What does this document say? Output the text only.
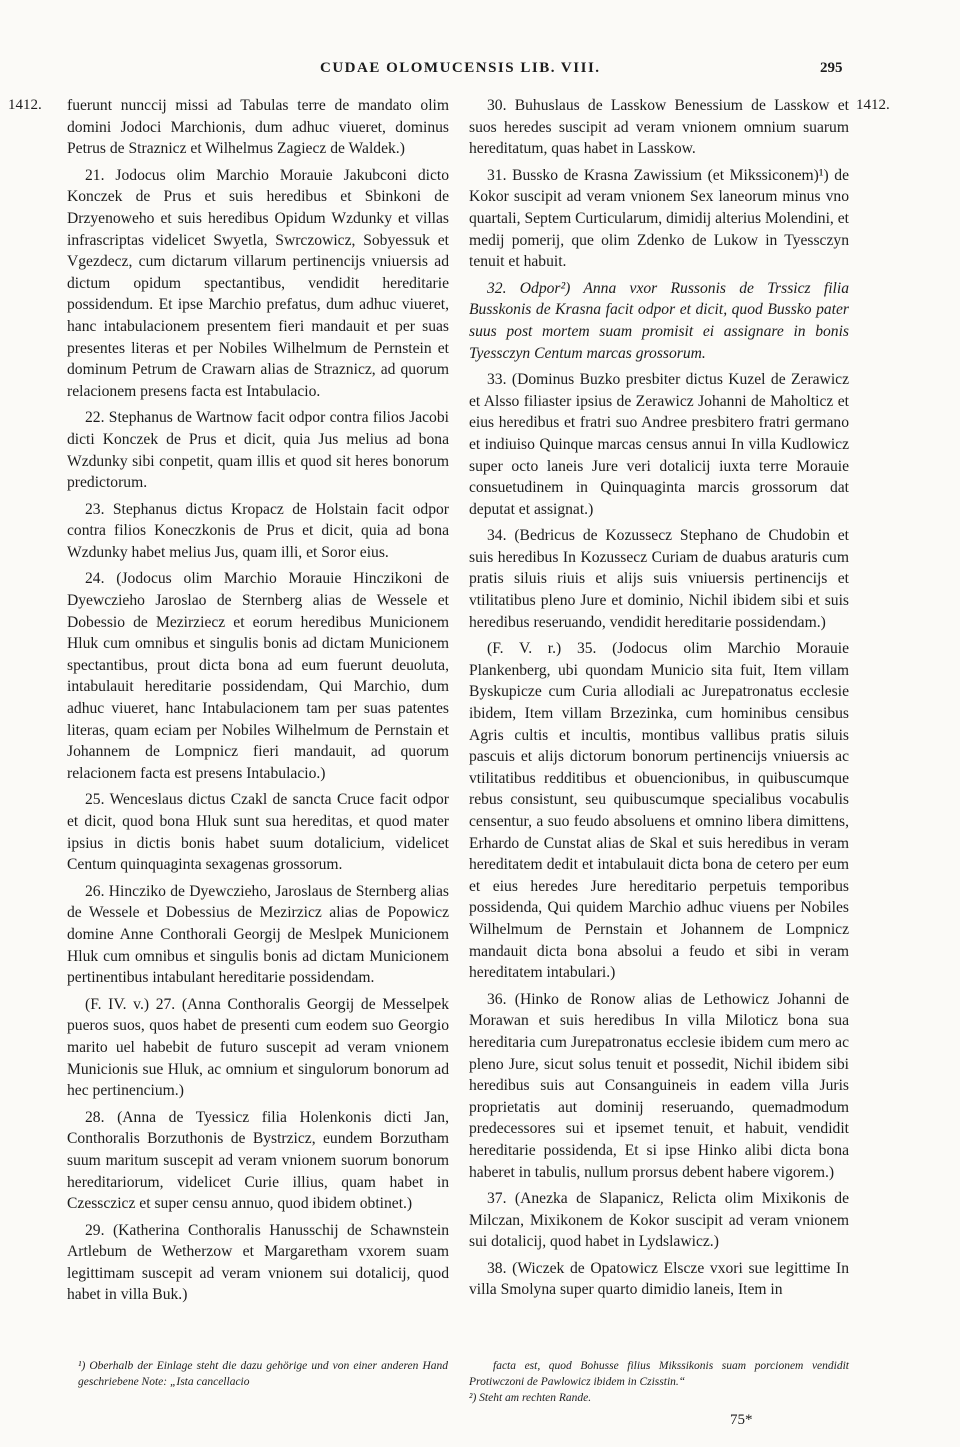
CUDAE OLOMUCENSIS LIB. VIII.	295
1412.	1412.

fuerunt nunccij missi ad Tabulas terre de mandato olim domini Jodoci Marchionis, dum adhuc viueret, dominus Petrus de Straznicz et Wilhelmus Zagiecz de Waldek.)

21. Jodocus olim Marchio Morauie Jakubconi dicto Konczek de Prus et suis heredibus et Sbinkoni de Drzyenoweho et suis heredibus Opidum Wzdunky et villas infrascriptas videlicet Swyetla, Swrczowicz, Sobyessuk et Vgezdecz, cum dictarum villarum pertinencijs vniuersis ad dictum opidum spectantibus, vendidit hereditarie possidendum. Et ipse Marchio prefatus, dum adhuc viueret, hanc intabulacionem presentem fieri mandauit et per suas presentes literas et per Nobiles Wilhelmum de Pernstein et dominum Petrum de Crawarn alias de Straznicz, ad quorum relacionem presens facta est Intabulacio.

22. Stephanus de Wartnow facit odpor contra filios Jacobi dicti Konczek de Prus et dicit, quia Jus melius ad bona Wzdunky sibi conpetit, quam illis et quod sit heres bonorum predictorum.

23. Stephanus dictus Kropacz de Holstain facit odpor contra filios Koneczkonis de Prus et dicit, quia ad bona Wzdunky habet melius Jus, quam illi, et Soror eius.

24. (Jodocus olim Marchio Morauie Hinczikoni de Dyewczieho Jaroslao de Sternberg alias de Wessele et Dobessio de Mezirziecz et eorum heredibus Municionem Hluk cum omnibus et singulis bonis ad dictam Municionem spectantibus, prout dicta bona ad eum fuerunt deuoluta, intabulauit hereditarie possidendam, Qui Marchio, dum adhuc viueret, hanc Intabulacionem tam per suas patentes literas, quam eciam per Nobiles Wilhelmum de Pernstain et Johannem de Lompnicz fieri mandauit, ad quorum relacionem facta est presens Intabulacio.)

25. Wenceslaus dictus Czakl de sancta Cruce facit odpor et dicit, quod bona Hluk sunt sua hereditas, et quod mater ipsius in dictis bonis habet suum dotalicium, videlicet Centum quinquaginta sexagenas grossorum.

26. Hincziko de Dyewczieho, Jaroslaus de Sternberg alias de Wessele et Dobessius de Mezirzicz alias de Popowicz domine Anne Conthorali Georgij de Meslpek Municionem Hluk cum omnibus et singulis bonis ad dictam Municionem pertinentibus intabulant hereditarie possidendam.

(F. IV. v.) 27. (Anna Conthoralis Georgij de Messelpek pueros suos, quos habet de presenti cum eodem suo Georgio marito uel habebit de futuro suscepit ad veram vnionem Municionis sue Hluk, ac omnium et singulorum bonorum ad hec pertinencium.)

28. (Anna de Tyessicz filia Holenkonis dicti Jan, Conthoralis Borzuthonis de Bystrzicz, eundem Borzutham suum maritum suscepit ad veram vnionem suorum bonorum hereditariorum, videlicet Curie illius, quam habet in Czessczicz et super censu annuo, quod ibidem obtinet.)

29. (Katherina Conthoralis Hanusschij de Schawnstein Artlebum de Wetherzow et Margaretham vxorem suam legittimam suscepit ad veram vnionem sui dotalicij, quod habet in villa Buk.)

30. Buhuslaus de Lasskow Benessium de Lasskow et suos heredes suscipit ad veram vnionem omnium suarum hereditatum, quas habet in Lasskow.

31. Bussko de Krasna Zawissium (et Mikssiconem)¹) de Kokor suscipit ad veram vnionem Sex laneorum minus vno quartali, Septem Curticularum, dimidij alterius Molendini, et medij pomerij, que olim Zdenko de Lukow in Tyessczyn tenuit et habuit.

32. Odpor²) Anna vxor Russonis de Trssicz filia Busskonis de Krasna facit odpor et dicit, quod Bussko pater suus post mortem suam promisit ei assignare in bonis Tyessczyn Centum marcas grossorum.

33. (Dominus Buzko presbiter dictus Kuzel de Zerawicz et Alsso filiaster ipsius de Zerawicz Johanni de Maholticz et eius heredibus et fratri suo Andree presbitero fratri germano et indiuiso Quinque marcas census annui In villa Kudlowicz super octo laneis Jure veri dotalicij iuxta terre Morauie consuetudinem in Quinquaginta marcis grossorum dat deputat et assignat.)

34. (Bedricus de Kozussecz Stephano de Chudobin et suis heredibus In Kozussecz Curiam de duabus araturis cum pratis siluis riuis et alijs suis vniuersis pertinencijs et vtilitatibus pleno Jure et dominio, Nichil ibidem sibi et suis heredibus reseruando, vendidit hereditarie possidendam.)

(F. V. r.) 35. (Jodocus olim Marchio Morauie Plankenberg, ubi quondam Municio sita fuit, Item villam Byskupicze cum Curia allodiali ac Jurepatronatus ecclesie ibidem, Item villam Brzezinka, cum hominibus censibus Agris cultis et incultis, montibus vallibus pratis siluis pascuis et alijs dictorum bonorum pertinencijs vniuersis ac vtilitatibus redditibus et obuencionibus, in quibuscumque rebus consistunt, seu quibuscumque specialibus vocabulis censentur, a suo feudo absoluens et omnino libera dimittens, Erhardo de Cunstat alias de Skal et suis heredibus in veram hereditatem dedit et intabulauit dicta bona de cetero per eum et eius heredes Jure hereditario perpetuis temporibus possidenda, Qui quidem Marchio adhuc viuens per Nobiles Wilhelmum de Pernstain et Johannem de Lompnicz mandauit dicta bona absolui a feudo et sibi in veram hereditatem intabulari.)

36. (Hinko de Ronow alias de Lethowicz Johanni de Morawan et suis heredibus In villa Miloticz bona sua hereditaria cum Jurepatronatus ecclesie ibidem cum mero ac pleno Jure, sicut solus tenuit et possedit, Nichil ibidem sibi heredibus suis aut Consanguineis in eadem villa Juris proprietatis aut dominij reseruando, quemadmodum predecessores sui et ipsemet tenuit, et habuit, vendidit hereditarie possidenda, Et si ipse Hinko alibi dicta bona haberet in tabulis, nullum prorsus debent habere vigorem.)

37. (Anezka de Slapanicz, Relicta olim Mixikonis de Milczan, Mixikonem de Kokor suscipit ad veram vnionem sui dotalicij, quod habet in Lydslawicz.)

38. (Wiczek de Opatowicz Elscze vxori sue legittime In villa Smolyna super quarto dimidio laneis, Item in

¹) Oberhalb der Einlage steht die dazu gehörige und von einer anderen Hand geschriebene Note: „Ista cancellacio

facta est, quod Bohusse filius Mikssikonis suam porcionem vendidit Protiwczoni de Pawlowicz ibidem in Czisstin.“

²) Steht am rechten Rande.

75*
